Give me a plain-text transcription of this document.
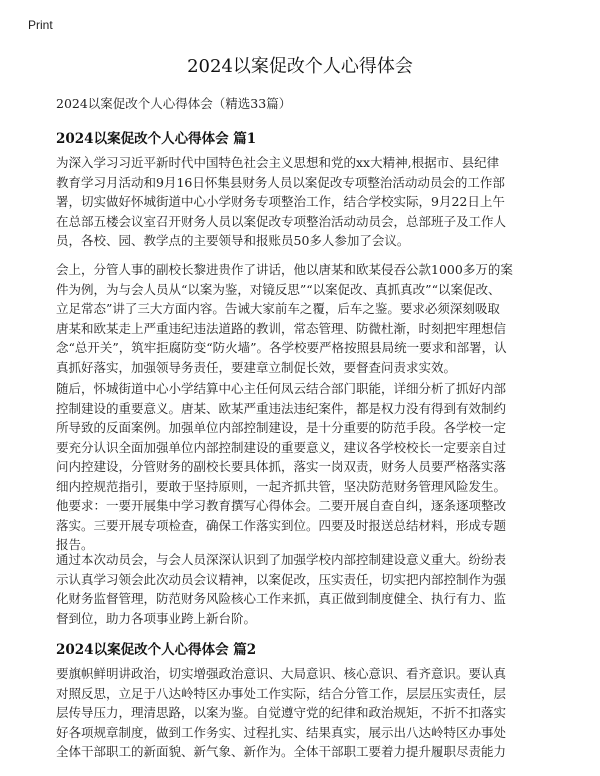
Print
2024以案促改个人心得体会
2024以案促改个人心得体会（精选33篇）
2024以案促改个人心得体会 篇1
为深入学习习近平新时代中国特色社会主义思想和党的xx大精神,根据市、县纪律
教育学习月活动和9月16日怀集县财务人员以案促改专项整治活动动员会的工作部
署，切实做好怀城街道中心小学财务专项整治工作，结合学校实际，9月22日上午
在总部五楼会议室召开财务人员以案促改专项整治活动动员会，总部班子及工作人
员，各校、园、教学点的主要领导和报账员50多人参加了会议。
会上，分管人事的副校长黎进贵作了讲话，他以唐某和欧某侵吞公款1000多万的案
件为例，为与会人员从“以案为鉴，对镜反思”“以案促改、真抓真改”“以案促改、
立足常态”讲了三大方面内容。告诫大家前车之覆，后车之鉴。要求必须深刻吸取
唐某和欧某走上严重违纪违法道路的教训，常态管理、防微杜渐，时刻把牢理想信
念“总开关”，筑牢拒腐防变“防火墙”。各学校要严格按照县局统一要求和部署，认
真抓好落实，加强领导务责任，要建章立制促长效，要督查问责求实效。
随后，怀城街道中心小学结算中心主任何凤云结合部门职能，详细分析了抓好内部
控制建设的重要意义。唐某、欧某严重违法违纪案件，都是权力没有得到有效制约
所导致的反面案例。加强单位内部控制建设，是十分重要的防范手段。各学校一定
要充分认识全面加强单位内部控制建设的重要意义，建议各学校校长一定要亲自过
问内控建设，分管财务的副校长要具体抓，落实一岗双责，财务人员要严格落实落
细内控规范指引，要敢于坚持原则，一起齐抓共管，坚决防范财务管理风险发生。
他要求：一要开展集中学习教育撰写心得体会。二要开展自查自纠，逐条逐项整改
落实。三要开展专项检查，确保工作落实到位。四要及时报送总结材料，形成专题
报告。
通过本次动员会，与会人员深深认识到了加强学校内部控制建设意义重大。纷纷表
示认真学习领会此次动员会议精神，以案促改，压实责任，切实把内部控制作为强
化财务监督管理，防范财务风险核心工作来抓，真正做到制度健全、执行有力、监
督到位，助力各项事业跨上新台阶。
2024以案促改个人心得体会 篇2
要旗帜鲜明讲政治，切实增强政治意识、大局意识、核心意识、看齐意识。要认真
对照反思，立足于八达岭特区办事处工作实际，结合分管工作，层层压实责任，层
层传导压力，理清思路，以案为鉴。自觉遵守党的纪律和政治规矩，不折不扣落实
好各项规章制度，做到工作务实、过程扎实、结果真实，展示出八达岭特区办事处
全体干部职工的新面貌、新气象、新作为。全体干部职工要着力提升履职尽责能力
